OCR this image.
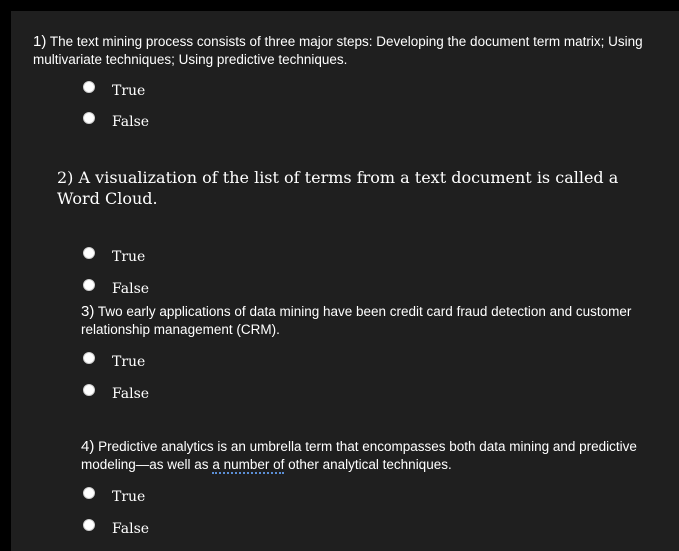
1) The text mining process consists of three major steps: Developing the document term matrix; Using multivariate techniques; Using predictive techniques.
True
False
2) A visualization of the list of terms from a text document is called a Word Cloud.
True
False
3) Two early applications of data mining have been credit card fraud detection and customer relationship management (CRM).
True
False
4) Predictive analytics is an umbrella term that encompasses both data mining and predictive modeling—as well as a number of other analytical techniques.
True
False
